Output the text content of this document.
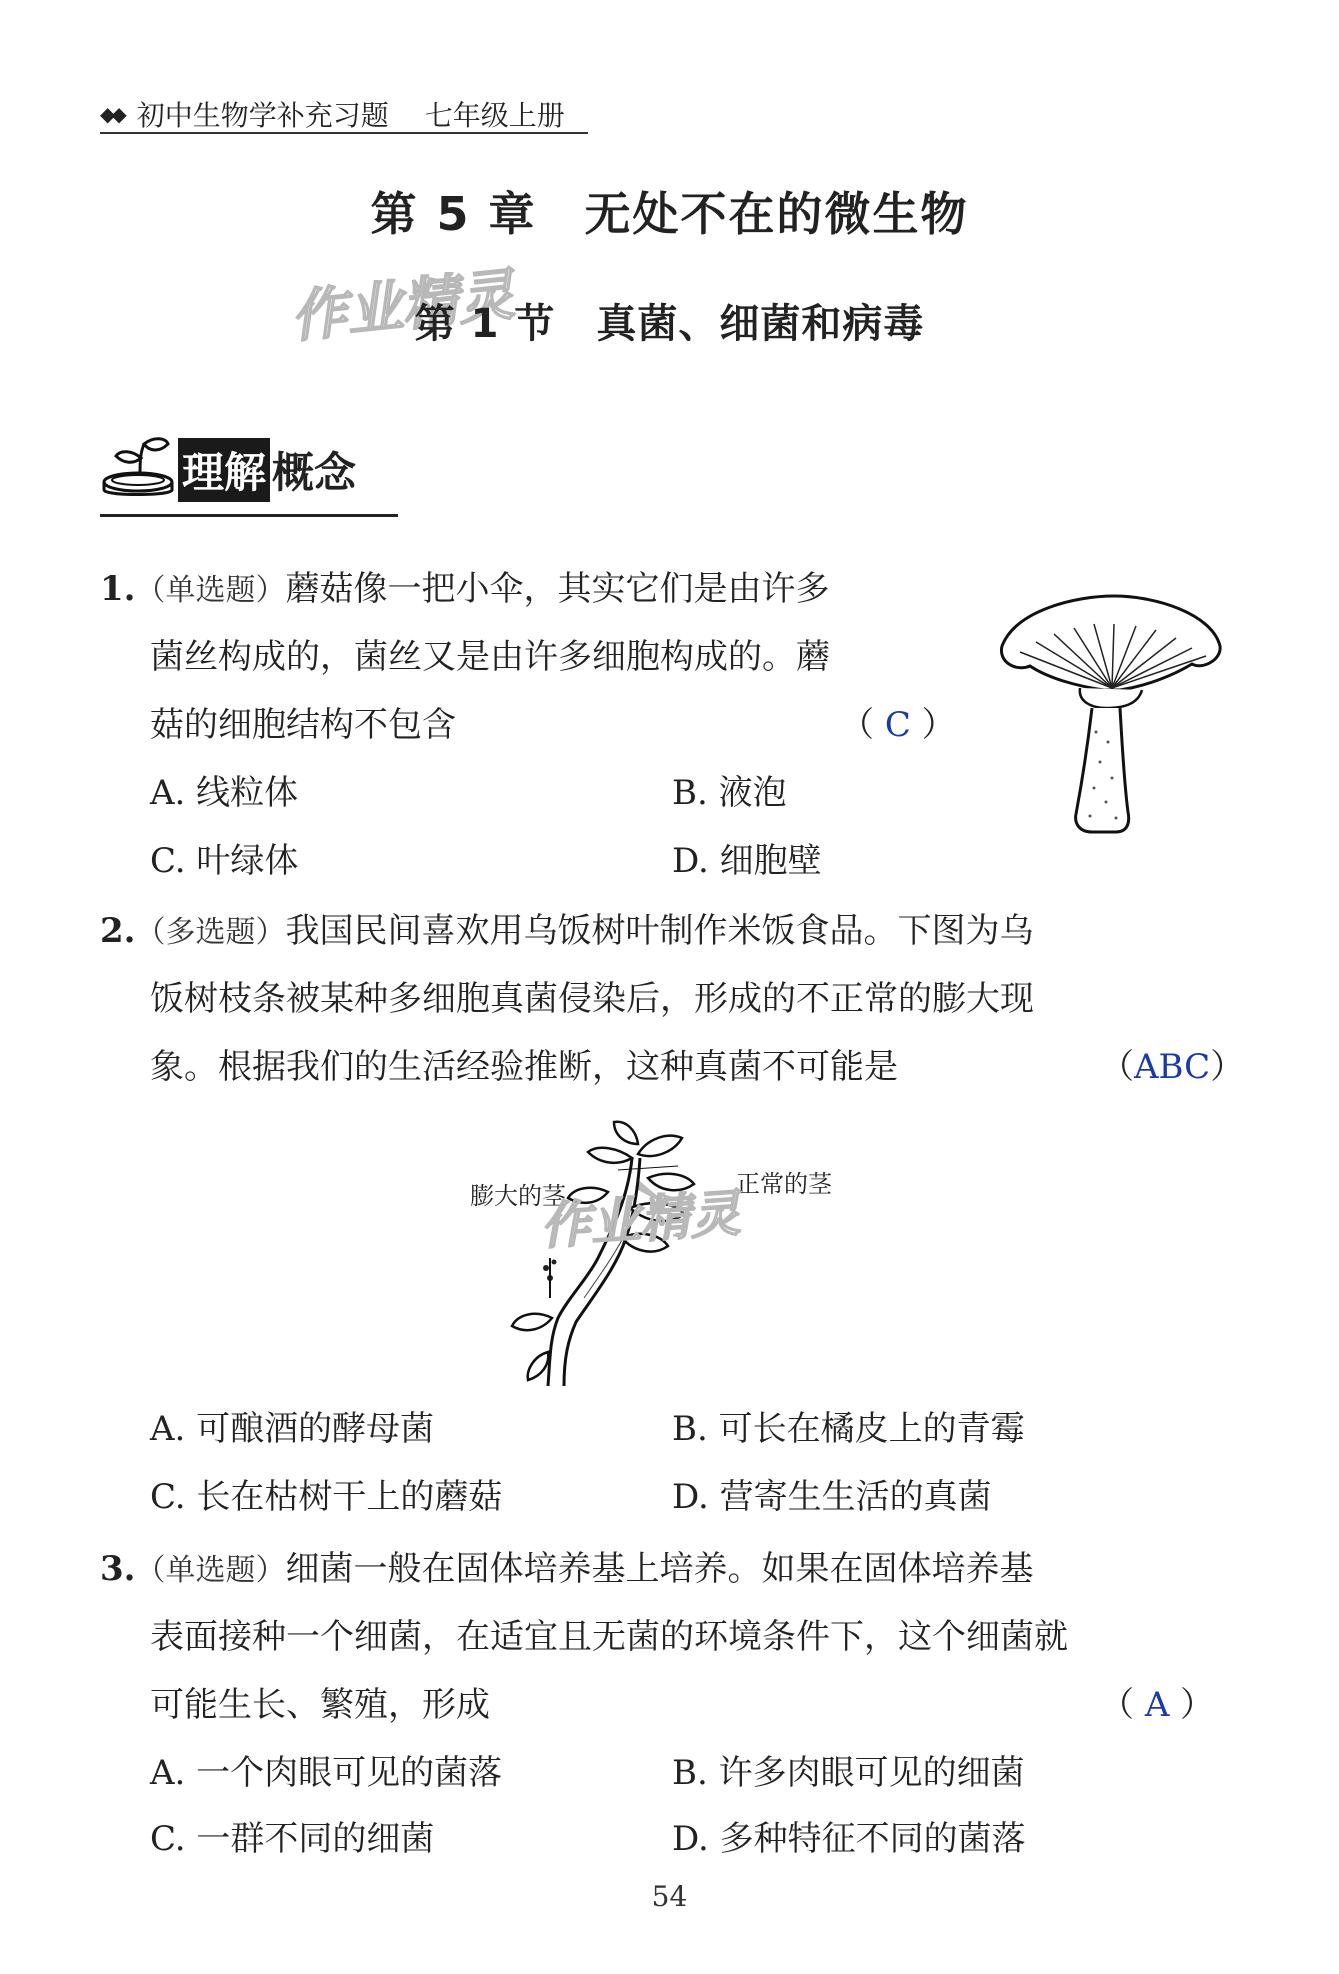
◆◆ 初中生物学补充习题 七年级上册
第 5 章　无处不在的微生物
作业精灵
第 1 节　真菌、细菌和病毒
理解 概念
1.（单选题）蘑菇像一把小伞，其实它们是由许多
菌丝构成的，菌丝又是由许多细胞构成的。蘑
菇的细胞结构不包含	（ C ）
A. 线粒体	B. 液泡
C. 叶绿体	D. 细胞壁
2.（多选题）我国民间喜欢用乌饭树叶制作米饭食品。下图为乌
饭树枝条被某种多细胞真菌侵染后，形成的不正常的膨大现
象。根据我们的生活经验推断，这种真菌不可能是	（ABC）
膨大的茎	正常的茎
作业精灵
A. 可酿酒的酵母菌	B. 可长在橘皮上的青霉
C. 长在枯树干上的蘑菇	D. 营寄生生活的真菌
3.（单选题）细菌一般在固体培养基上培养。如果在固体培养基
表面接种一个细菌，在适宜且无菌的环境条件下，这个细菌就
可能生长、繁殖，形成	（ A ）
A. 一个肉眼可见的菌落	B. 许多肉眼可见的细菌
C. 一群不同的细菌	D. 多种特征不同的菌落
54
